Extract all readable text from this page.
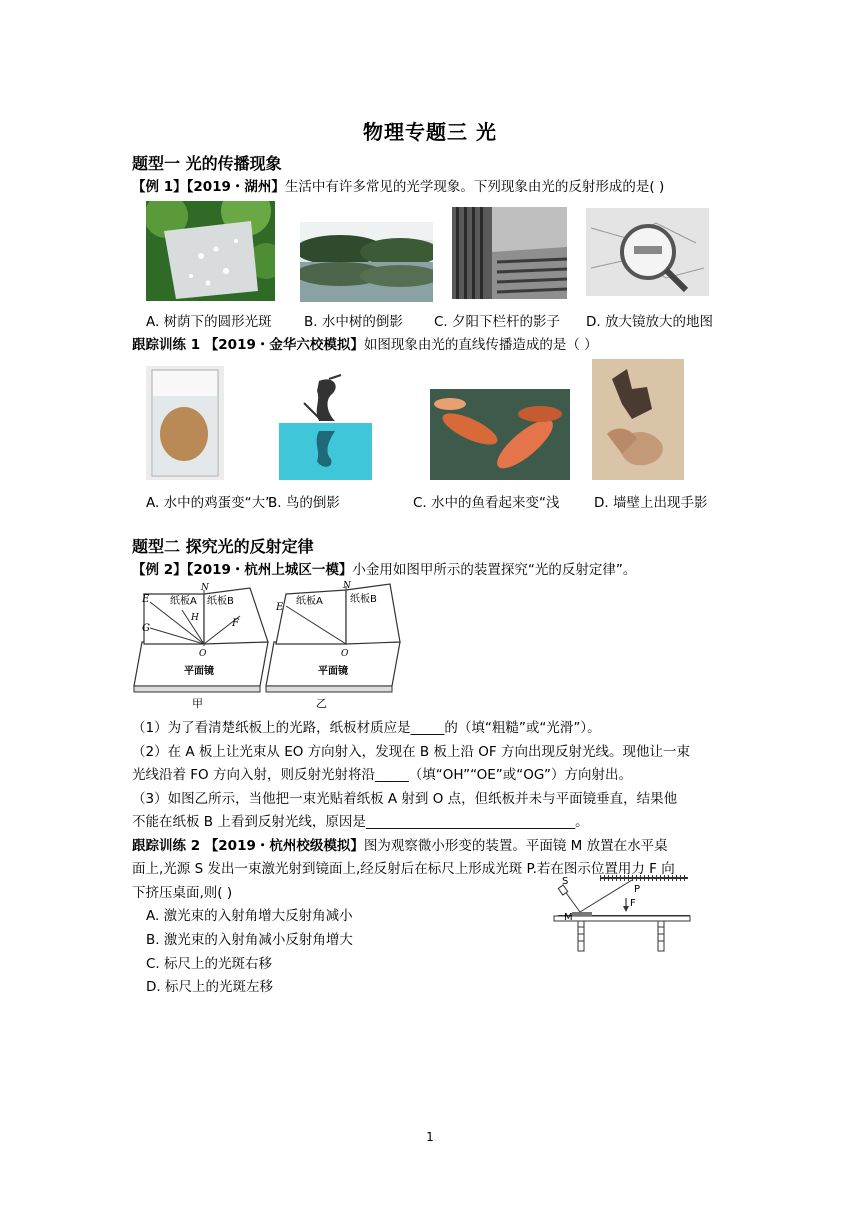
物理专题三 光
题型一 光的传播现象
【例 1】【2019・湖州】生活中有许多常见的光学现象。下列现象由光的反射形成的是( )
A. 树荫下的圆形光斑 B. 水中树的倒影 C. 夕阳下栏杆的影子 D. 放大镜放大的地图
跟踪训练 1 【2019・金华六校模拟】如图现象由光的直线传播造成的是（ ）
A. 水中的鸡蛋变“大”
B. 鸟的倒影	C. 水中的鱼看起来变“浅	D. 墙壁上出现手影
题型二 探究光的反射定律
【例 2】【2019・杭州上城区一模】小金用如图甲所示的装置探究“光的反射定律”。
N
E
G	F
H
O
纸板A 纸板B
平面镜
甲
N
E
O
纸板A	纸板B
平面镜
乙
（1）为了看清楚纸板上的光路，纸板材质应是_____的（填“粗糙”或“光滑”）。
（2）在 A 板上让光束从 EO 方向射入，发现在 B 板上沿 OF 方向出现反射光线。现他让一束
光线沿着 FO 方向入射，则反射光射将沿_____（填“OH”“OE”或“OG”）方向射出。
（3）如图乙所示，当他把一束光贴着纸板 A 射到 O 点，但纸板并未与平面镜垂直，结果他
不能在纸板 B 上看到反射光线，原因是_______________________________。
跟踪训练 2 【2019・杭州校级模拟】图为观察微小形变的装置。平面镜 M 放置在水平桌
面上,光源 S 发出一束激光射到镜面上,经反射后在标尺上形成光斑 P.若在图示位置用力 F 向
下挤压桌面,则( )
A. 激光束的入射角增大反射角减小
B. 激光束的入射角减小反射角增大
C. 标尺上的光斑右移
D. 标尺上的光斑左移
S
P
M
F
1
